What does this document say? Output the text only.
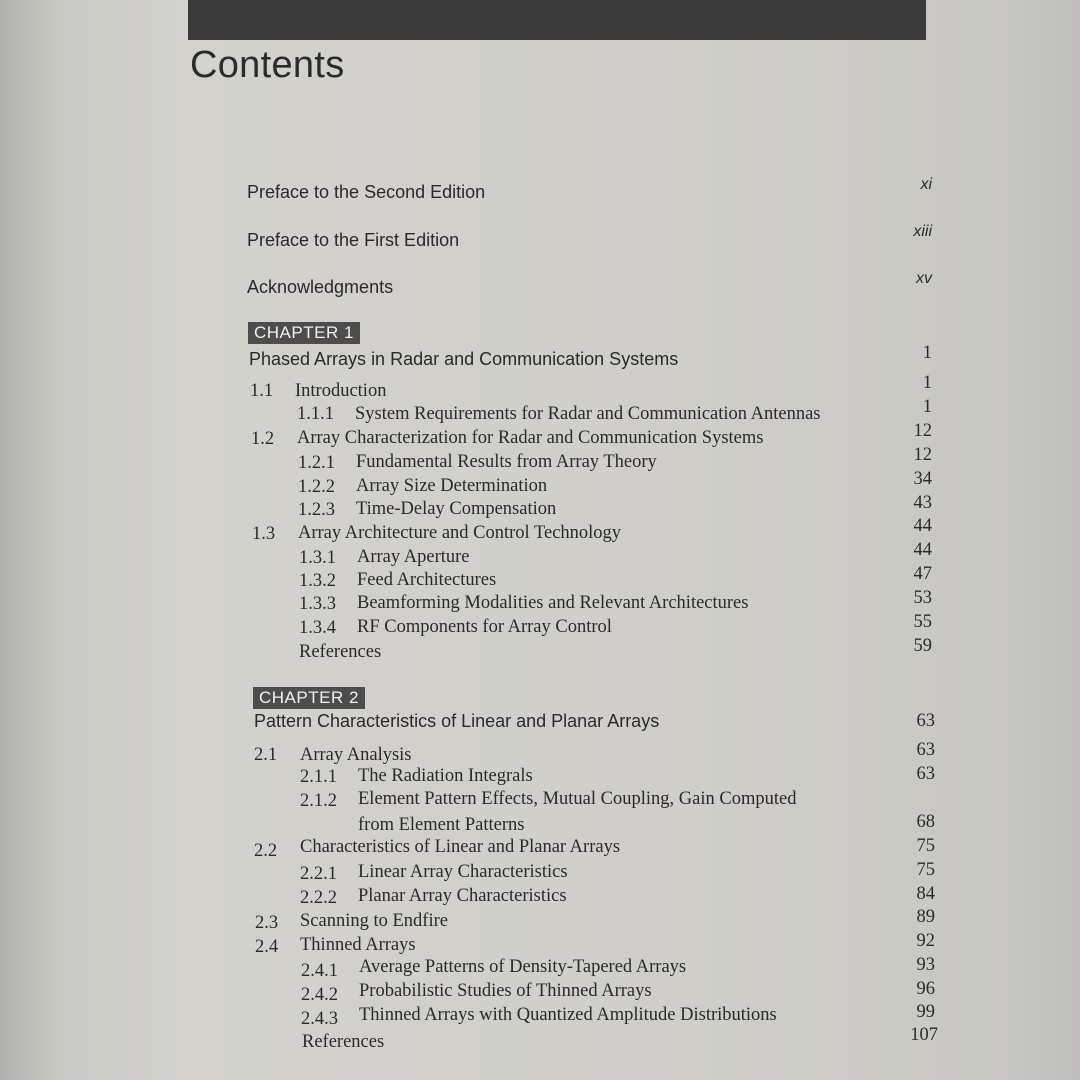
Contents
Preface to the Second Edition	xi
Preface to the First Edition	xiii
Acknowledgments	xv
CHAPTER 1
Phased Arrays in Radar and Communication Systems	1
1.1 Introduction	1
1.1.1 System Requirements for Radar and Communication Antennas	1
1.2 Array Characterization for Radar and Communication Systems	12
1.2.1 Fundamental Results from Array Theory	12
1.2.2 Array Size Determination	34
1.2.3 Time-Delay Compensation	43
1.3 Array Architecture and Control Technology	44
1.3.1 Array Aperture	44
1.3.2 Feed Architectures	47
1.3.3 Beamforming Modalities and Relevant Architectures	53
1.3.4 RF Components for Array Control	55
References	59
CHAPTER 2
Pattern Characteristics of Linear and Planar Arrays	63
2.1 Array Analysis	63
2.1.1 The Radiation Integrals	63
2.1.2 Element Pattern Effects, Mutual Coupling, Gain Computed
from Element Patterns	68
2.2 Characteristics of Linear and Planar Arrays	75
2.2.1 Linear Array Characteristics	75
2.2.2 Planar Array Characteristics	84
2.3 Scanning to Endfire	89
2.4 Thinned Arrays	92
2.4.1 Average Patterns of Density-Tapered Arrays	93
2.4.2 Probabilistic Studies of Thinned Arrays	96
2.4.3 Thinned Arrays with Quantized Amplitude Distributions	99
References	107
